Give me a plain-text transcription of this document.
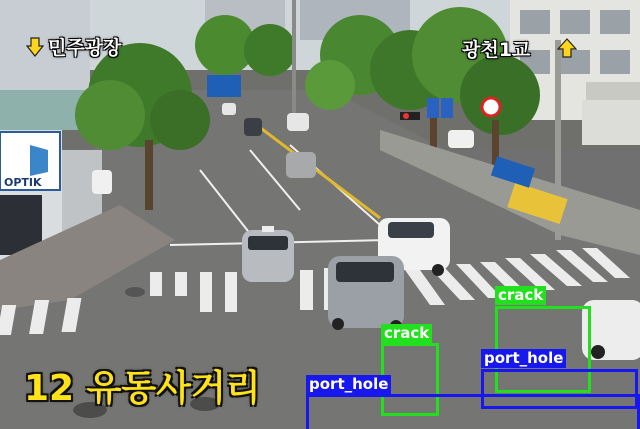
OPTIK
민주광장	광천1교
12 유동사거리
crack
crack
port_hole
port_hole
